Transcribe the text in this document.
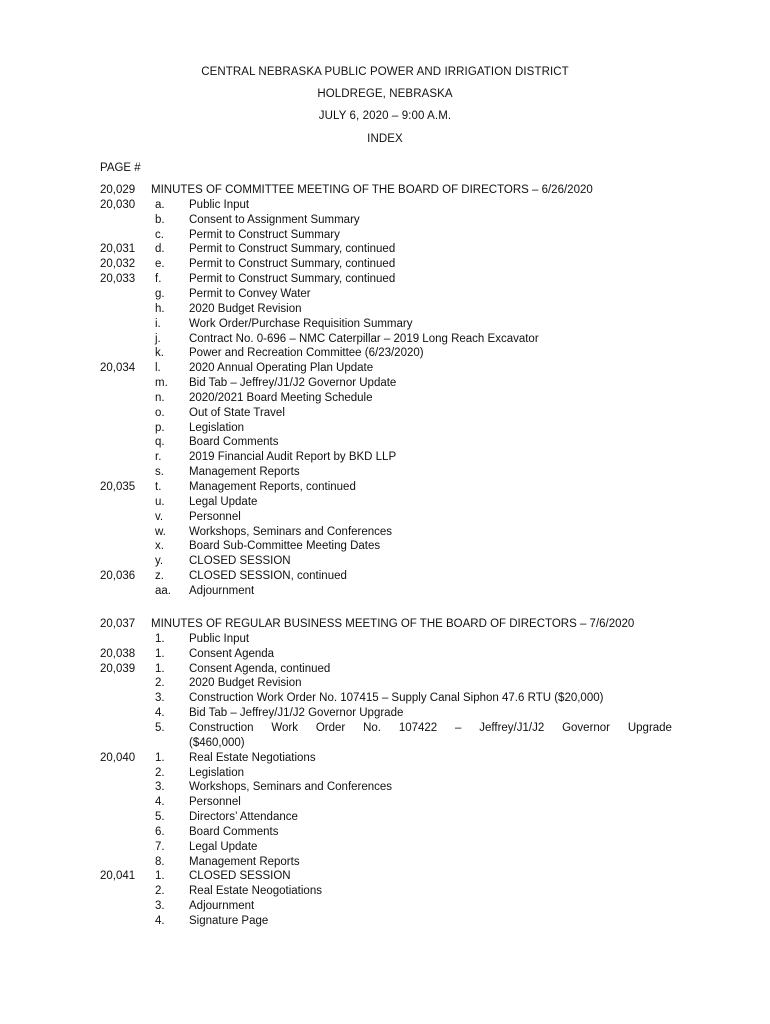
CENTRAL NEBRASKA PUBLIC POWER AND IRRIGATION DISTRICT
HOLDREGE, NEBRASKA
JULY 6, 2020 – 9:00 A.M.
INDEX
PAGE #
20,029 MINUTES OF COMMITTEE MEETING OF THE BOARD OF DIRECTORS – 6/26/2020
20,030 a. Public Input
b. Consent to Assignment Summary
c. Permit to Construct Summary
20,031 d. Permit to Construct Summary, continued
20,032 e. Permit to Construct Summary, continued
20,033 f. Permit to Construct Summary, continued
g. Permit to Convey Water
h. 2020 Budget Revision
i. Work Order/Purchase Requisition Summary
j. Contract No. 0-696 – NMC Caterpillar – 2019 Long Reach Excavator
k. Power and Recreation Committee (6/23/2020)
20,034 l. 2020 Annual Operating Plan Update
m. Bid Tab – Jeffrey/J1/J2 Governor Update
n. 2020/2021 Board Meeting Schedule
o. Out of State Travel
p. Legislation
q. Board Comments
r. 2019 Financial Audit Report by BKD LLP
s. Management Reports
20,035 t. Management Reports, continued
u. Legal Update
v. Personnel
w. Workshops, Seminars and Conferences
x. Board Sub-Committee Meeting Dates
y. CLOSED SESSION
20,036 z. CLOSED SESSION, continued
aa. Adjournment
20,037 MINUTES OF REGULAR BUSINESS MEETING OF THE BOARD OF DIRECTORS – 7/6/2020
1. Public Input
20,038 1. Consent Agenda
20,039 1. Consent Agenda, continued
2. 2020 Budget Revision
3. Construction Work Order No. 107415 – Supply Canal Siphon 47.6 RTU ($20,000)
4. Bid Tab – Jeffrey/J1/J2 Governor Upgrade
5. Construction Work Order No. 107422 – Jeffrey/J1/J2 Governor Upgrade
($460,000)
20,040 1. Real Estate Negotiations
2. Legislation
3. Workshops, Seminars and Conferences
4. Personnel
5. Directors’ Attendance
6. Board Comments
7. Legal Update
8. Management Reports
20,041 1. CLOSED SESSION
2. Real Estate Neogotiations
3. Adjournment
4. Signature Page
